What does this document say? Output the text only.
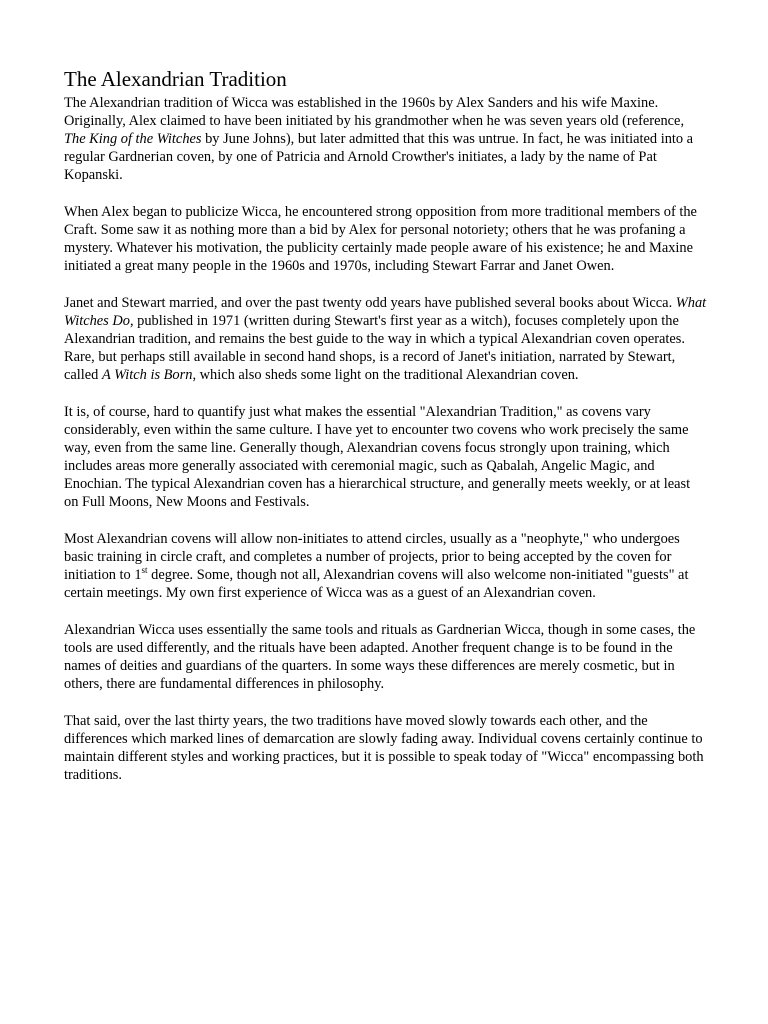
The Alexandrian Tradition

The Alexandrian tradition of Wicca was established in the 1960s by Alex Sanders and his wife Maxine. Originally, Alex claimed to have been initiated by his grandmother when he was seven years old (reference, The King of the Witches by June Johns), but later admitted that this was untrue. In fact, he was initiated into a regular Gardnerian coven, by one of Patricia and Arnold Crowther's initiates, a lady by the name of Pat Kopanski.

When Alex began to publicize Wicca, he encountered strong opposition from more traditional members of the Craft. Some saw it as nothing more than a bid by Alex for personal notoriety; others that he was profaning a mystery. Whatever his motivation, the publicity certainly made people aware of his existence; he and Maxine initiated a great many people in the 1960s and 1970s, including Stewart Farrar and Janet Owen.

Janet and Stewart married, and over the past twenty odd years have published several books about Wicca. What Witches Do, published in 1971 (written during Stewart's first year as a witch), focuses completely upon the Alexandrian tradition, and remains the best guide to the way in which a typical Alexandrian coven operates. Rare, but perhaps still available in second hand shops, is a record of Janet's initiation, narrated by Stewart, called A Witch is Born, which also sheds some light on the traditional Alexandrian coven.

It is, of course, hard to quantify just what makes the essential "Alexandrian Tradition," as covens vary considerably, even within the same culture. I have yet to encounter two covens who work precisely the same way, even from the same line. Generally though, Alexandrian covens focus strongly upon training, which includes areas more generally associated with ceremonial magic, such as Qabalah, Angelic Magic, and Enochian. The typical Alexandrian coven has a hierarchical structure, and generally meets weekly, or at least on Full Moons, New Moons and Festivals.

Most Alexandrian covens will allow non-initiates to attend circles, usually as a "neophyte," who undergoes basic training in circle craft, and completes a number of projects, prior to being accepted by the coven for initiation to 1st degree. Some, though not all, Alexandrian covens will also welcome non-initiated "guests" at certain meetings. My own first experience of Wicca was as a guest of an Alexandrian coven.

Alexandrian Wicca uses essentially the same tools and rituals as Gardnerian Wicca, though in some cases, the tools are used differently, and the rituals have been adapted. Another frequent change is to be found in the names of deities and guardians of the quarters. In some ways these differences are merely cosmetic, but in others, there are fundamental differences in philosophy.

That said, over the last thirty years, the two traditions have moved slowly towards each other, and the differences which marked lines of demarcation are slowly fading away. Individual covens certainly continue to maintain different styles and working practices, but it is possible to speak today of "Wicca" encompassing both traditions.
